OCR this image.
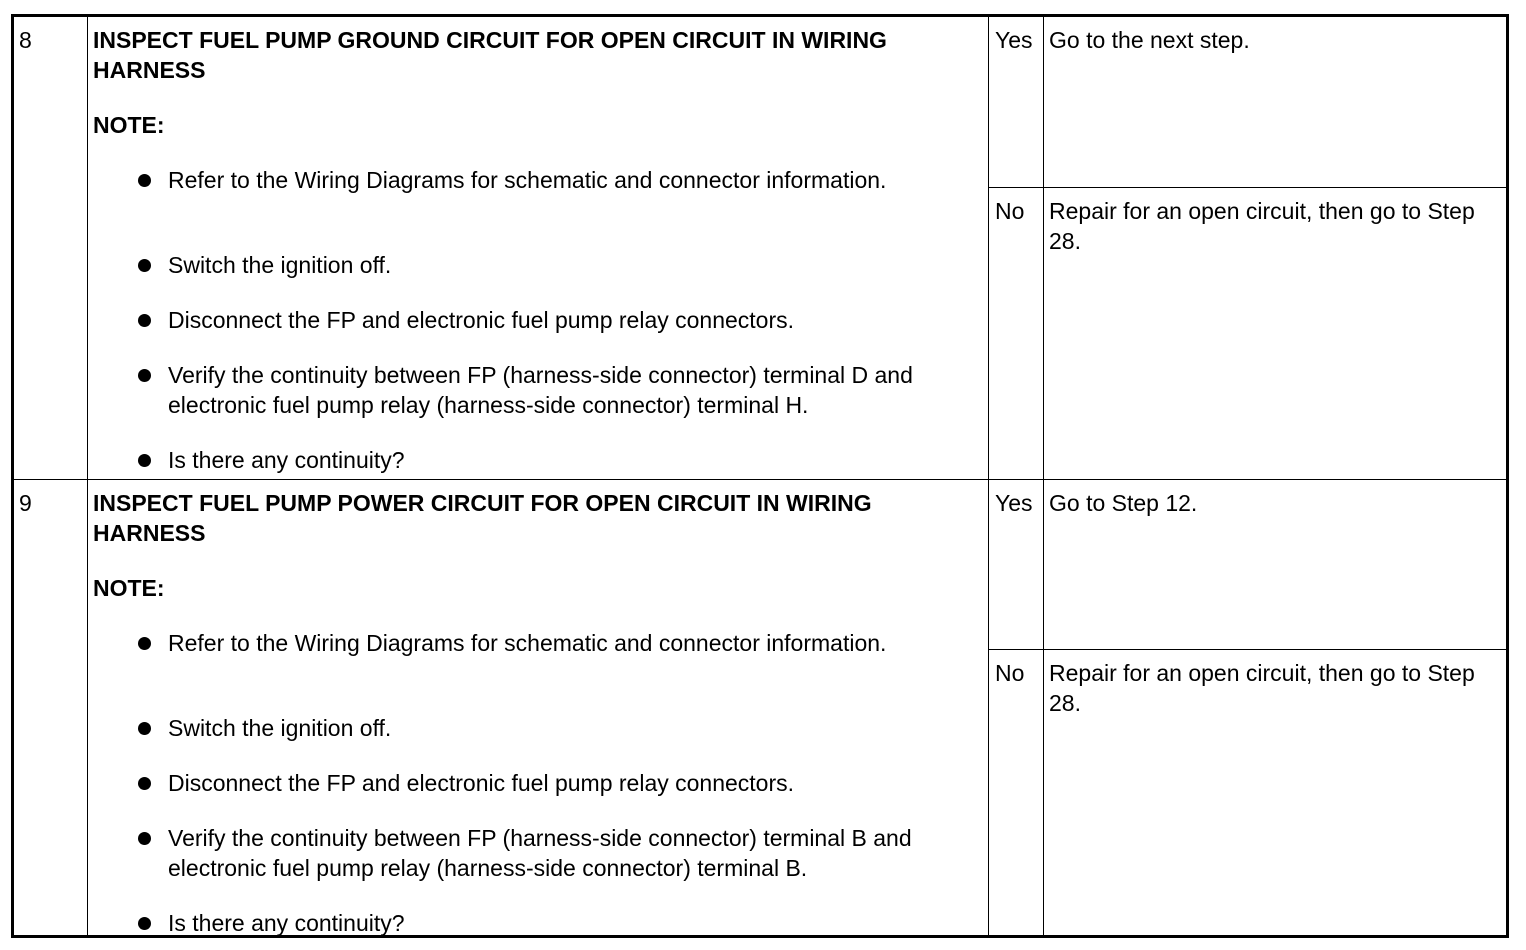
8	INSPECT FUEL PUMP GROUND CIRCUIT FOR OPEN CIRCUIT IN WIRING HARNESS

NOTE:

Refer to the Wiring Diagrams for schematic and connector information.
Switch the ignition off.
Disconnect the FP and electronic fuel pump relay connectors.
Verify the continuity between FP (harness-side connector) terminal D and electronic fuel pump relay (harness-side connector) terminal H.
Is there any continuity?

Yes Go to the next step.

No Repair for an open circuit, then go to Step 28.

9	INSPECT FUEL PUMP POWER CIRCUIT FOR OPEN CIRCUIT IN WIRING HARNESS

NOTE:

Refer to the Wiring Diagrams for schematic and connector information.
Switch the ignition off.
Disconnect the FP and electronic fuel pump relay connectors.
Verify the continuity between FP (harness-side connector) terminal B and electronic fuel pump relay (harness-side connector) terminal B.
Is there any continuity?

Yes Go to Step 12.

No Repair for an open circuit, then go to Step 28.
